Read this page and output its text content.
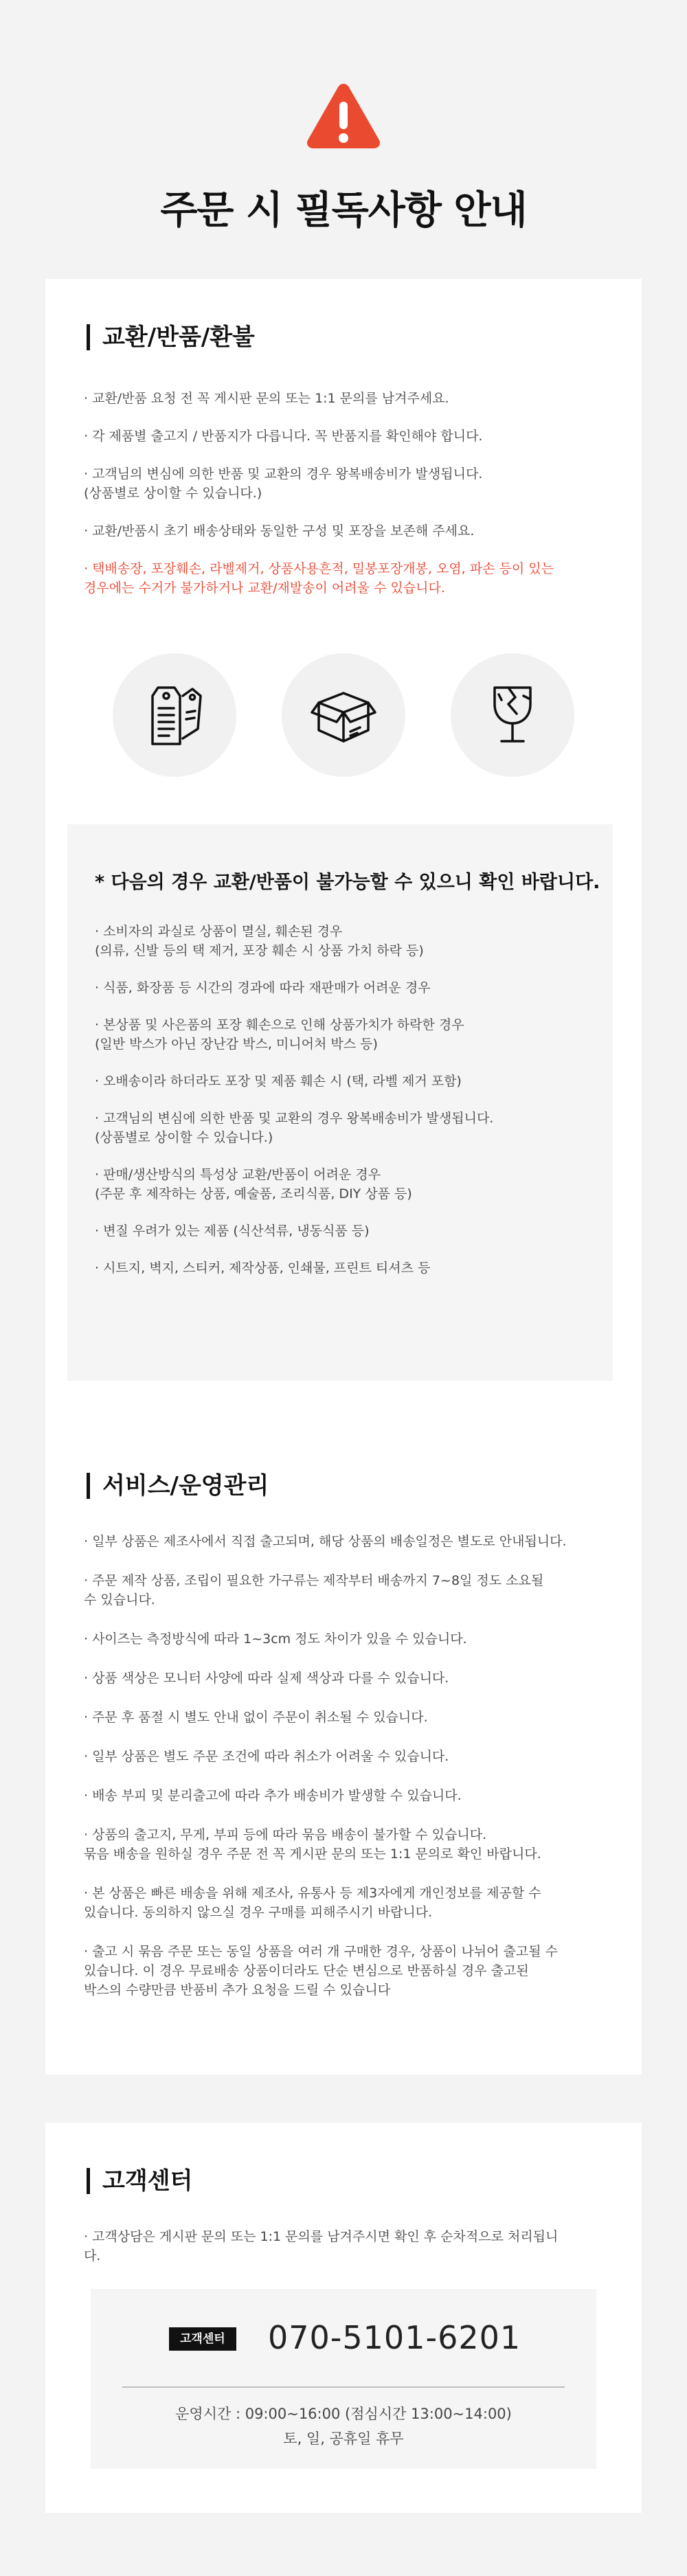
주문 시 필독사항 안내
교환/반품/환불
· 교환/반품 요청 전 꼭 게시판 문의 또는 1:1 문의를 남겨주세요.
· 각 제품별 출고지 / 반품지가 다릅니다. 꼭 반품지를 확인해야 합니다.
· 고객님의 변심에 의한 반품 및 교환의 경우 왕복배송비가 발생됩니다.
(상품별로 상이할 수 있습니다.)
· 교환/반품시 초기 배송상태와 동일한 구성 및 포장을 보존해 주세요.
· 택배송장, 포장훼손, 라벨제거, 상품사용흔적, 밀봉포장개봉, 오염, 파손 등이 있는
경우에는 수거가 불가하거나 교환/재발송이 어려울 수 있습니다.
* 다음의 경우 교환/반품이 불가능할 수 있으니 확인 바랍니다.
· 소비자의 과실로 상품이 멸실, 훼손된 경우
(의류, 신발 등의 택 제거, 포장 훼손 시 상품 가치 하락 등)
· 식품, 화장품 등 시간의 경과에 따라 재판매가 어려운 경우
· 본상품 및 사은품의 포장 훼손으로 인해 상품가치가 하락한 경우
(일반 박스가 아닌 장난감 박스, 미니어처 박스 등)
· 오배송이라 하더라도 포장 및 제품 훼손 시 (택, 라벨 제거 포함)
· 고객님의 변심에 의한 반품 및 교환의 경우 왕복배송비가 발생됩니다.
(상품별로 상이할 수 있습니다.)
· 판매/생산방식의 특성상 교환/반품이 어려운 경우
(주문 후 제작하는 상품, 예술품, 조리식품, DIY 상품 등)
· 변질 우려가 있는 제품 (식산석류, 냉동식품 등)
· 시트지, 벽지, 스티커, 제작상품, 인쇄물, 프린트 티셔츠 등
서비스/운영관리
· 일부 상품은 제조사에서 직접 출고되며, 해당 상품의 배송일정은 별도로 안내됩니다.
· 주문 제작 상품, 조립이 필요한 가구류는 제작부터 배송까지 7~8일 정도 소요될
수 있습니다.
· 사이즈는 측정방식에 따라 1~3cm 정도 차이가 있을 수 있습니다.
· 상품 색상은 모니터 사양에 따라 실제 색상과 다를 수 있습니다.
· 주문 후 품절 시 별도 안내 없이 주문이 취소될 수 있습니다.
· 일부 상품은 별도 주문 조건에 따라 취소가 어려울 수 있습니다.
· 배송 부피 및 분리출고에 따라 추가 배송비가 발생할 수 있습니다.
· 상품의 출고지, 무게, 부피 등에 따라 묶음 배송이 불가할 수 있습니다.
묶음 배송을 원하실 경우 주문 전 꼭 게시판 문의 또는 1:1 문의로 확인 바랍니다.
· 본 상품은 빠른 배송을 위해 제조사, 유통사 등 제3자에게 개인정보를 제공할 수
있습니다. 동의하지 않으실 경우 구매를 피해주시기 바랍니다.
· 출고 시 묶음 주문 또는 동일 상품을 여러 개 구매한 경우, 상품이 나뉘어 출고될 수
있습니다. 이 경우 무료배송 상품이더라도 단순 변심으로 반품하실 경우 출고된
박스의 수량만큼 반품비 추가 요청을 드릴 수 있습니다
고객센터
· 고객상담은 게시판 문의 또는 1:1 문의를 남겨주시면 확인 후 순차적으로 처리됩니
다.
고객센터	070-5101-6201
운영시간 : 09:00~16:00 (점심시간 13:00~14:00)
토, 일, 공휴일 휴무
